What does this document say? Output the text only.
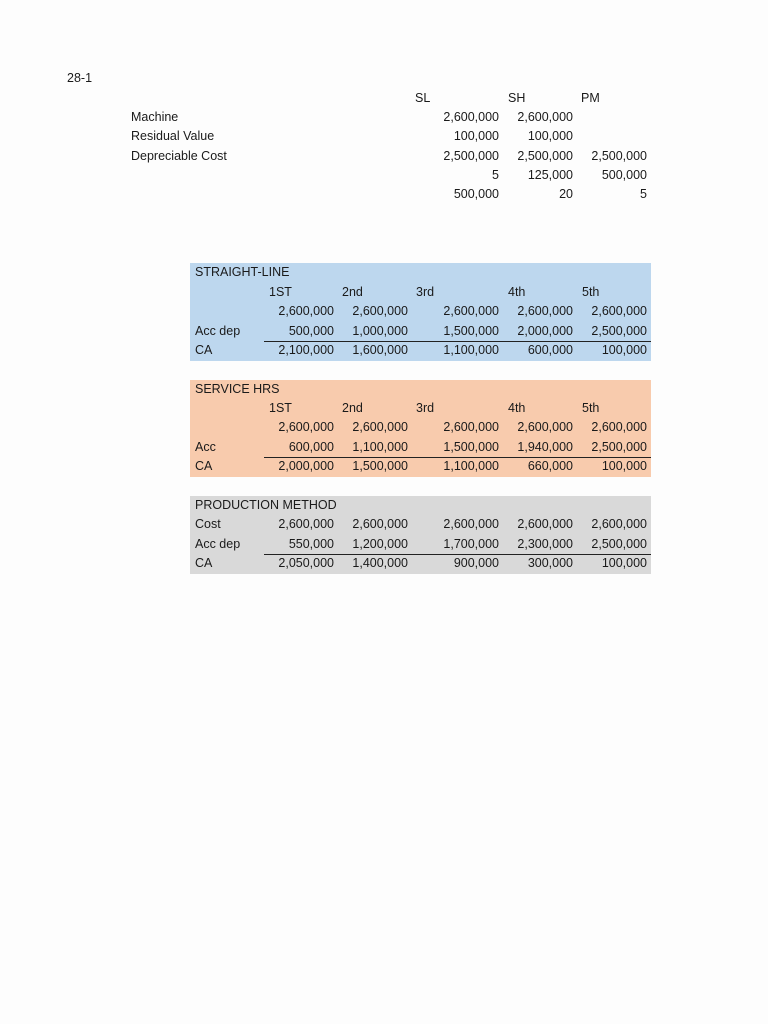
28-1
SL	SH	PM
Machine	2,600,000	2,600,000
Residual Value	100,000	100,000
Depreciable Cost	2,500,000	2,500,000	2,500,000
5	125,000	500,000
500,000	20	5
STRAIGHT-LINE
1ST	2nd	3rd	4th	5th
2,600,000	2,600,000	2,600,000	2,600,000	2,600,000
Acc dep	500,000	1,000,000	1,500,000	2,000,000	2,500,000
CA	2,100,000	1,600,000	1,100,000	600,000	100,000
SERVICE HRS
1ST	2nd	3rd	4th	5th
2,600,000	2,600,000	2,600,000	2,600,000	2,600,000
Acc	600,000	1,100,000	1,500,000	1,940,000	2,500,000
CA	2,000,000	1,500,000	1,100,000	660,000	100,000
PRODUCTION METHOD
Cost	2,600,000	2,600,000	2,600,000	2,600,000	2,600,000
Acc dep	550,000	1,200,000	1,700,000	2,300,000	2,500,000
CA	2,050,000	1,400,000	900,000	300,000	100,000
